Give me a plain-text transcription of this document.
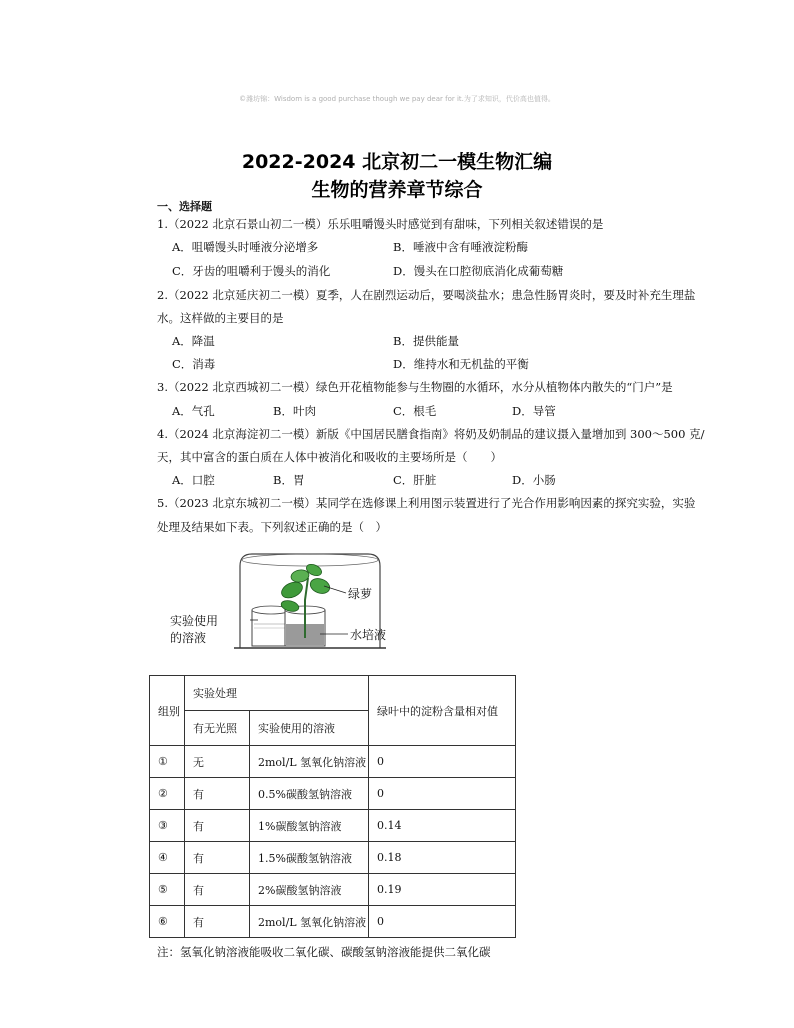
©潍坊锦：Wisdom is a good purchase though we pay dear for it.为了求知识，代价高也值得。
2022-2024 北京初二一模生物汇编
生物的营养章节综合
一、选择题
1.（2022 北京石景山初二一模）乐乐咀嚼馒头时感觉到有甜味，下列相关叙述错误的是
A．咀嚼馒头时唾液分泌增多	B．唾液中含有唾液淀粉酶
C．牙齿的咀嚼利于馒头的消化	D．馒头在口腔彻底消化成葡萄糖
2.（2022 北京延庆初二一模）夏季，人在剧烈运动后，要喝淡盐水；患急性肠胃炎时，要及时补充生理盐
水。这样做的主要目的是
A．降温	B．提供能量
C．消毒	D．维持水和无机盐的平衡
3.（2022 北京西城初二一模）绿色开花植物能参与生物圈的水循环，水分从植物体内散失的“门户”是
A．气孔	B．叶肉	C．根毛	D．导管
4.（2024 北京海淀初二一模）新版《中国居民膳食指南》将奶及奶制品的建议摄入量增加到 300～500 克/
天，其中富含的蛋白质在人体中被消化和吸收的主要场所是（　　）
A．口腔	B．胃	C．肝脏	D．小肠
5.（2023 北京东城初二一模）某同学在选修课上利用图示装置进行了光合作用影响因素的探究实验，实验
处理及结果如下表。下列叙述正确的是（　）
绿萝
实验使用
的溶液	水培液
组别	实验处理		绿叶中的淀粉含量相对值
	有无光照	实验使用的溶液	
①	无	2mol/L 氢氧化钠溶液	0
②	有	0.5%碳酸氢钠溶液	0
③	有	1%碳酸氢钠溶液	0.14
④	有	1.5%碳酸氢钠溶液	0.18
⑤	有	2%碳酸氢钠溶液	0.19
⑥	有	2mol/L 氢氧化钠溶液	0
注：氢氧化钠溶液能吸收二氧化碳、碳酸氢钠溶液能提供二氧化碳
